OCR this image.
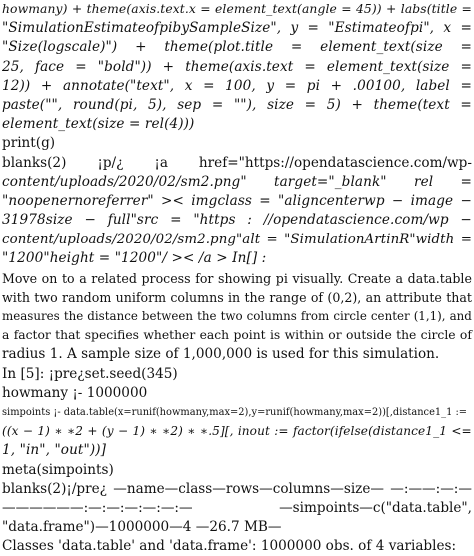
howmany) + theme(axis.text.x = element_text(angle = 45)) + labs(title =
"SimulationEstimateofpibySampleSize", y = "Estimateofpi", x =
"Size(logscale)") + theme(plot.title = element_text(size =
25, face = "bold")) + theme(axis.text = element_text(size =
12)) + annotate("text", x = 100, y = pi + .00100, label =
paste("", round(pi, 5), sep = ""), size = 5) + theme(text =
element_text(size = rel(4)))
print(g)
blanks(2) ¡p/¿ ¡a href="https://opendatascience.com/wp-
content/uploads/2020/02/sm2.png" target="_blank" rel =
"noopenernoreferrer" >< imgclass = "aligncenterwp − image −
31978size − full"src = "https : //opendatascience.com/wp −
content/uploads/2020/02/sm2.png"alt = "SimulationArtinR"width =
"1200"height = "1200"/ >< /a > In[] :
Move on to a related process for showing pi visually. Create a data.table
with two random uniform columns in the range of (0,2), an attribute that
measures the distance between the two columns from circle center (1,1), and
a factor that specifies whether each point is within or outside the circle of
radius 1. A sample size of 1,000,000 is used for this simulation.
In [5]: ¡pre¿set.seed(345)
howmany ¡- 1000000
simpoints ¡- data.table(x=runif(howmany,max=2),y=runif(howmany,max=2))[,distance1_1 :=
((x − 1) ∗ ∗2 + (y − 1) ∗ ∗2) ∗ ∗.5][, inout := factor(ifelse(distance1_1 <=
1, "in", "out"))]
meta(simpoints)
blanks(2)¡/pre¿ —name—class—rows—columns—size— —:——:—:—
——————:—:—:—:—:—:—	—simpoints—c("data.table",
"data.frame")—1000000—4 —26.7 MB—
Classes 'data.table' and 'data.frame': 1000000 obs. of 4 variables:
